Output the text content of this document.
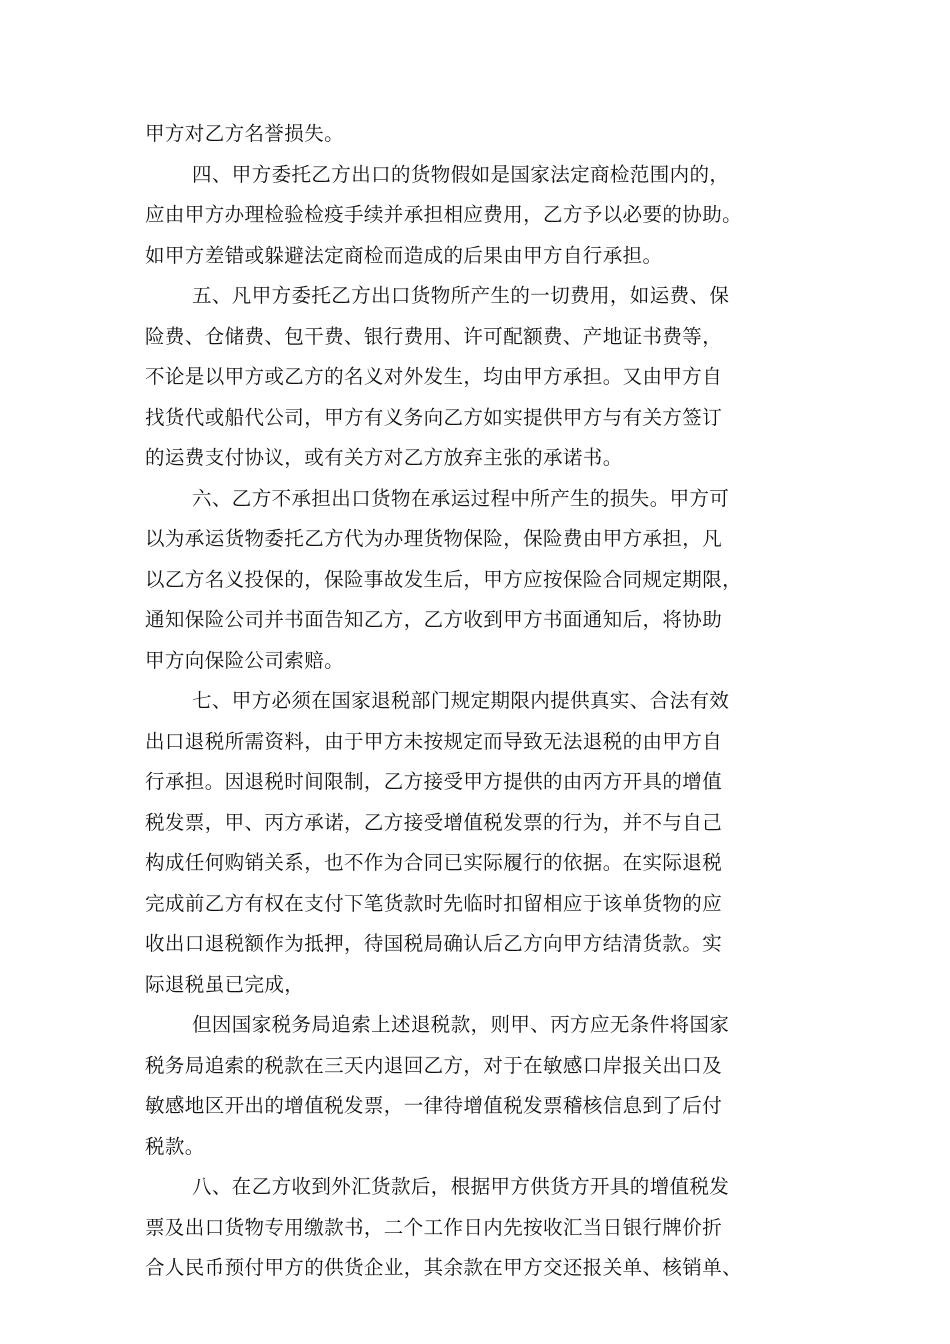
甲方对乙方名誉损失。
四、甲方委托乙方出口的货物假如是国家法定商检范围内的，
应由甲方办理检验检疫手续并承担相应费用，乙方予以必要的协助。
如甲方差错或躲避法定商检而造成的后果由甲方自行承担。
五、凡甲方委托乙方出口货物所产生的一切费用，如运费、保
险费、仓储费、包干费、银行费用、许可配额费、产地证书费等，
不论是以甲方或乙方的名义对外发生，均由甲方承担。又由甲方自
找货代或船代公司，甲方有义务向乙方如实提供甲方与有关方签订
的运费支付协议，或有关方对乙方放弃主张的承诺书。
六、乙方不承担出口货物在承运过程中所产生的损失。甲方可
以为承运货物委托乙方代为办理货物保险，保险费由甲方承担，凡
以乙方名义投保的，保险事故发生后，甲方应按保险合同规定期限，
通知保险公司并书面告知乙方，乙方收到甲方书面通知后，将协助
甲方向保险公司索赔。
七、甲方必须在国家退税部门规定期限内提供真实、合法有效
出口退税所需资料，由于甲方未按规定而导致无法退税的由甲方自
行承担。因退税时间限制，乙方接受甲方提供的由丙方开具的增值
税发票，甲、丙方承诺，乙方接受增值税发票的行为，并不与自己
构成任何购销关系，也不作为合同已实际履行的依据。在实际退税
完成前乙方有权在支付下笔货款时先临时扣留相应于该单货物的应
收出口退税额作为抵押，待国税局确认后乙方向甲方结清货款。实
际退税虽已完成，
但因国家税务局追索上述退税款，则甲、丙方应无条件将国家
税务局追索的税款在三天内退回乙方，对于在敏感口岸报关出口及
敏感地区开出的增值税发票，一律待增值税发票稽核信息到了后付
税款。
八、在乙方收到外汇货款后，根据甲方供货方开具的增值税发
票及出口货物专用缴款书，二个工作日内先按收汇当日银行牌价折
合人民币预付甲方的供货企业，其余款在甲方交还报关单、核销单、
